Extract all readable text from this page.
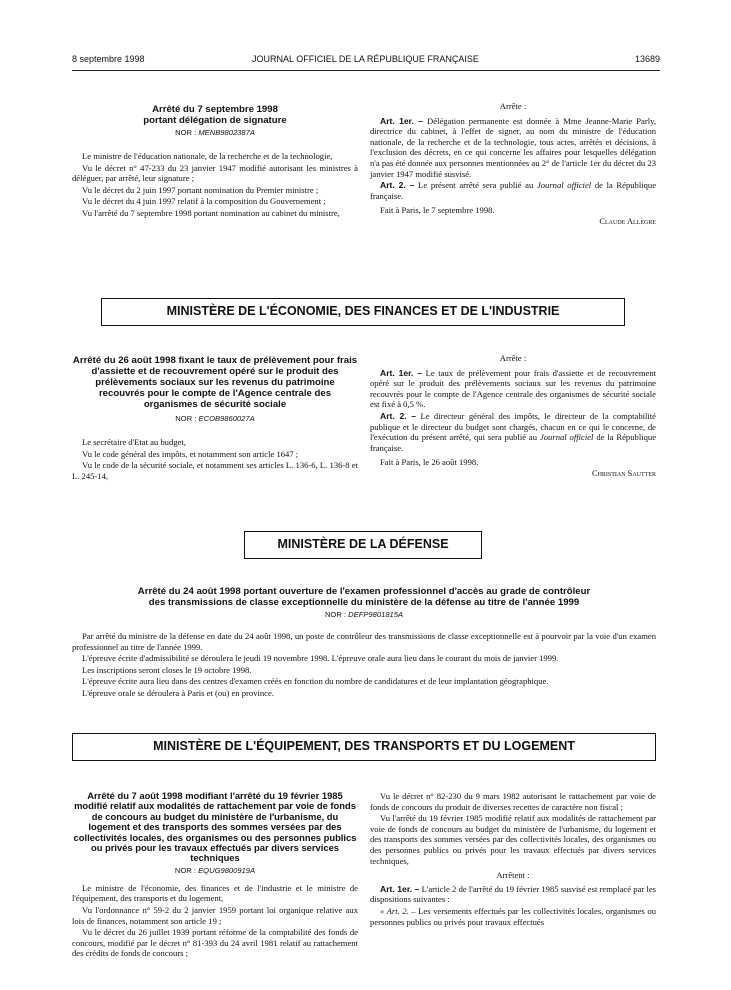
8 septembre 1998	JOURNAL OFFICIEL DE LA RÉPUBLIQUE FRANÇAISE	13689
Arrêté du 7 septembre 1998
portant délégation de signature
NOR : MENB9802387A

Le ministre de l'éducation nationale, de la recherche et de la technologie,

Vu le décret n° 47-233 du 23 janvier 1947 modifié autorisant les ministres à déléguer, par arrêté, leur signature ;

Vu le décret du 2 juin 1997 portant nomination du Premier ministre ;

Vu le décret du 4 juin 1997 relatif à la composition du Gouvernement ;

Vu l'arrêté du 7 septembre 1998 portant nomination au cabinet du ministre,

Arrête :

Art. 1er. – Délégation permanente est donnée à Mme Jeanne-Marie Parly, directrice du cabinet, à l'effet de signer, au nom du ministre de l'éducation nationale, de la recherche et de la technologie, tous actes, arrêtés et décisions, à l'exclusion des décrets, en ce qui concerne les affaires pour lesquelles délégation n'a pas été donnée aux personnes mentionnées au 2° de l'article 1er du décret du 23 janvier 1947 modifié susvisé.

Art. 2. – Le présent arrêté sera publié au Journal officiel de la République française.

Fait à Paris, le 7 septembre 1998.

Claude Allègre

MINISTÈRE DE L'ÉCONOMIE, DES FINANCES ET DE L'INDUSTRIE
Arrêté du 26 août 1998 fixant le taux de prélèvement pour frais d'assiette et de recouvrement opéré sur le produit des prélèvements sociaux sur les revenus du patrimoine recouvrés pour le compte de l'Agence centrale des organismes de sécurité sociale
NOR : ECOB9860027A

Le secrétaire d'Etat au budget,

Vu le code général des impôts, et notamment son article 1647 ;

Vu le code de la sécurité sociale, et notamment ses articles L. 136-6, L. 136-8 et L. 245-14,

Arrête :

Art. 1er. – Le taux de prélèvement pour frais d'assiette et de recouvrement opéré sur le produit des prélèvements sociaux sur les revenus du patrimoine recouvrés pour le compte de l'Agence centrale des organismes de sécurité sociale est fixé à 0,5 %.

Art. 2. – Le directeur général des impôts, le directeur de la comptabilité publique et le directeur du budget sont chargés, chacun en ce qui le concerne, de l'exécution du présent arrêté, qui sera publié au Journal officiel de la République française.

Fait à Paris, le 26 août 1998.

Christian Sautter

MINISTÈRE DE LA DÉFENSE
Arrêté du 24 août 1998 portant ouverture de l'examen professionnel d'accès au grade de contrôleur
des transmissions de classe exceptionnelle du ministère de la défense au titre de l'année 1999
NOR : DEFP9801815A

Par arrêté du ministre de la défense en date du 24 août 1998, un poste de contrôleur des transmissions de classe exceptionnelle est à pourvoir par la voie d'un examen professionnel au titre de l'année 1999.

L'épreuve écrite d'admissibilité se déroulera le jeudi 19 novembre 1998. L'épreuve orale aura lieu dans le courant du mois de janvier 1999.

Les inscriptions seront closes le 19 octobre 1998.

L'épreuve écrite aura lieu dans des centres d'examen créés en fonction du nombre de candidatures et de leur implantation géographique.

L'épreuve orale se déroulera à Paris et (ou) en province.

MINISTÈRE DE L'ÉQUIPEMENT, DES TRANSPORTS ET DU LOGEMENT
Arrêté du 7 août 1998 modifiant l'arrêté du 19 février 1985 modifié relatif aux modalités de rattachement par voie de fonds de concours au budget du ministère de l'urbanisme, du logement et des transports des sommes versées par des collectivités locales, des organismes ou des personnes publics ou privés pour les travaux effectués par divers services techniques
NOR : EQUG9800919A

Le ministre de l'économie, des finances et de l'industrie et le ministre de l'équipement, des transports et du logement,

Vu l'ordonnance n° 59-2 du 2 janvier 1959 portant loi organique relative aux lois de finances, notamment son article 19 ;

Vu le décret du 26 juillet 1939 portant réforme de la comptabilité des fonds de concours, modifié par le décret n° 81-393 du 24 avril 1981 relatif au rattachement des crédits de fonds de concours ;

Vu le décret n° 82-230 du 9 mars 1982 autorisant le rattachement par voie de fonds de concours du produit de diverses recettes de caractère non fiscal ;

Vu l'arrêté du 19 février 1985 modifié relatif aux modalités de rattachement par voie de fonds de concours au budget du ministère de l'urbanisme, du logement et des transports des sommes versées par des collectivités locales, des organismes ou des personnes publics ou privés pour les travaux effectués par divers services techniques,

Arrêtent :

Art. 1er. – L'article 2 de l'arrêté du 19 février 1985 susvisé est remplacé par les dispositions suivantes :

« Art. 2. – Les versements effectués par les collectivités locales, organismes ou personnes publics ou privés pour travaux effectués
